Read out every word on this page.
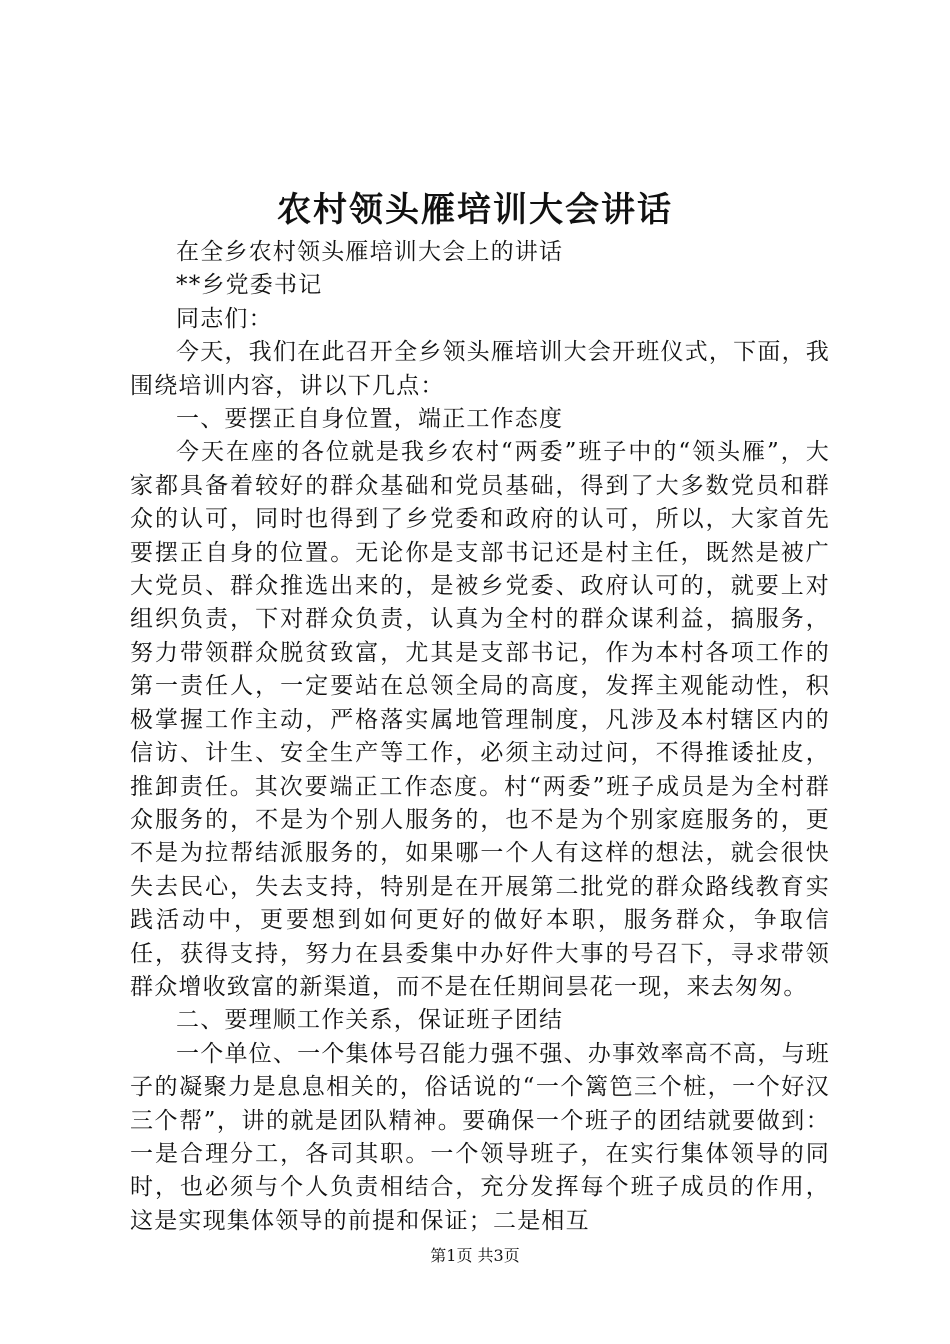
农村领头雁培训大会讲话

在全乡农村领头雁培训大会上的讲话

**乡党委书记

同志们：

今天，我们在此召开全乡领头雁培训大会开班仪式，下面，我围绕培训内容，讲以下几点：

一、要摆正自身位置，端正工作态度

今天在座的各位就是我乡农村“两委”班子中的“领头雁”，大家都具备着较好的群众基础和党员基础，得到了大多数党员和群众的认可，同时也得到了乡党委和政府的认可，所以，大家首先要摆正自身的位置。无论你是支部书记还是村主任，既然是被广大党员、群众推选出来的，是被乡党委、政府认可的，就要上对组织负责，下对群众负责，认真为全村的群众谋利益，搞服务，努力带领群众脱贫致富，尤其是支部书记，作为本村各项工作的第一责任人，一定要站在总领全局的高度，发挥主观能动性，积极掌握工作主动，严格落实属地管理制度，凡涉及本村辖区内的信访、计生、安全生产等工作，必须主动过问，不得推诿扯皮，推卸责任。其次要端正工作态度。村“两委”班子成员是为全村群众服务的，不是为个别人服务的，也不是为个别家庭服务的，更不是为拉帮结派服务的，如果哪一个人有这样的想法，就会很快失去民心，失去支持，特别是在开展第二批党的群众路线教育实践活动中，更要想到如何更好的做好本职，服务群众，争取信任，获得支持，努力在县委集中办好件大事的号召下，寻求带领群众增收致富的新渠道，而不是在任期间昙花一现，来去匆匆。

二、要理顺工作关系，保证班子团结

一个单位、一个集体号召能力强不强、办事效率高不高，与班子的凝聚力是息息相关的，俗话说的“一个篱笆三个桩，一个好汉三个帮”，讲的就是团队精神。要确保一个班子的团结就要做到：一是合理分工，各司其职。一个领导班子，在实行集体领导的同时，也必须与个人负责相结合，充分发挥每个班子成员的作用，这是实现集体领导的前提和保证；二是相互

第1页 共3页
